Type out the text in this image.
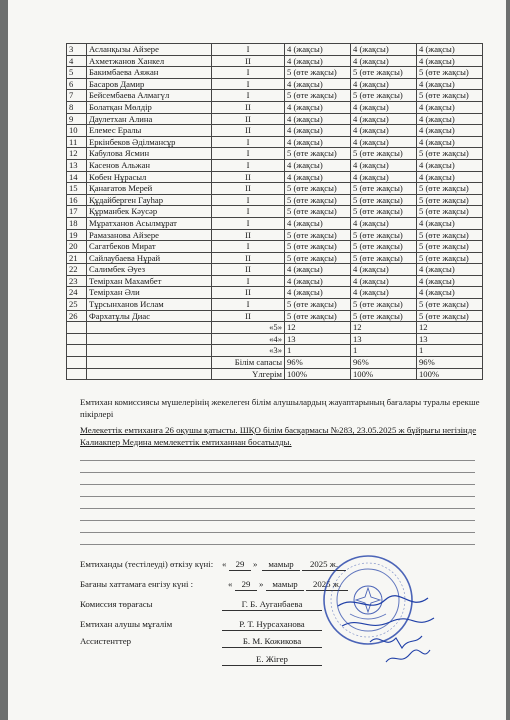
3	Асланқызы Айзере	I	4 (жақсы)	4 (жақсы)	4 (жақсы)
4	Ахметжанов Ханкел	II	4 (жақсы)	4 (жақсы)	4 (жақсы)
5	Бакимбаева Аяжан	I	5 (өте жақсы)	5 (өте жақсы)	5 (өте жақсы)
6	Басаров Дамир	I	4 (жақсы)	4 (жақсы)	4 (жақсы)
7	Бейсембаева Алмагүл	I	5 (өте жақсы)	5 (өте жақсы)	5 (өте жақсы)
8	Болатқан Мөлдір	II	4 (жақсы)	4 (жақсы)	4 (жақсы)
9	Даулетхан Алина	II	4 (жақсы)	4 (жақсы)	4 (жақсы)
10	Елемес Ералы	II	4 (жақсы)	4 (жақсы)	4 (жақсы)
11	Еркінбеков Әділмансұр	I	4 (жақсы)	4 (жақсы)	4 (жақсы)
12	Кабулова Ясмин	I	5 (өте жақсы)	5 (өте жақсы)	5 (өте жақсы)
13	Касенов Альжан	I	4 (жақсы)	4 (жақсы)	4 (жақсы)
14	Көбен Нұрасыл	II	4 (жақсы)	4 (жақсы)	4 (жақсы)
15	Қанағатов Мерей	II	5 (өте жақсы)	5 (өте жақсы)	5 (өте жақсы)
16	Құдайберген Гауһар	I	5 (өте жақсы)	5 (өте жақсы)	5 (өте жақсы)
17	Құрманбек Кәусәр	I	5 (өте жақсы)	5 (өте жақсы)	5 (өте жақсы)
18	Мұратханов Асылмұрат	I	4 (жақсы)	4 (жақсы)	4 (жақсы)
19	Рамазанова Айзере	II	5 (өте жақсы)	5 (өте жақсы)	5 (өте жақсы)
20	Сагатбеков Мират	I	5 (өте жақсы)	5 (өте жақсы)	5 (өте жақсы)
21	Сайлаубаева Нұрай	II	5 (өте жақсы)	5 (өте жақсы)	5 (өте жақсы)
22	Салимбек Әуез	II	4 (жақсы)	4 (жақсы)	4 (жақсы)
23	Темірхан Махамбет	I	4 (жақсы)	4 (жақсы)	4 (жақсы)
24	Темірхан Әли	II	4 (жақсы)	4 (жақсы)	4 (жақсы)
25	Тұрсынханов Ислам	I	5 (өте жақсы)	5 (өте жақсы)	5 (өте жақсы)
26	Фархатұлы Диас	II	5 (өте жақсы)	5 (өте жақсы)	5 (өте жақсы)
		«5»	12	12	12
		«4»	13	13	13
		«3»	1	1	1
		Білім сапасы	96%	96%	96%
		Үлгерім	100%	100%	100%
Емтихан комиссиясы мүшелерінің жекелеген білім алушылардың жауаптарының бағалары туралы ерекше пікірлері
Мелекеттік емтиханға 26 оқушы қатысты. ШҚО білім басқармасы №283, 23.05.2025 ж бұйрығы негізінде Калиакпер Медина мемлекеттік емтиханнан босатылды.
Емтиханды (тестілеуді) өткізу күні: «	29 »	мамыр	2025 ж.
Бағаны хаттамаға енгізу күні :	«	29 »	мамыр	2025 ж.
Комиссия төрағасы	Г. Б. Ауганбаева
Емтихан алушы мұғалім	Р. Т. Нурсаханова
Ассистенттер	Б. М. Кожикова
Е. Жігер
